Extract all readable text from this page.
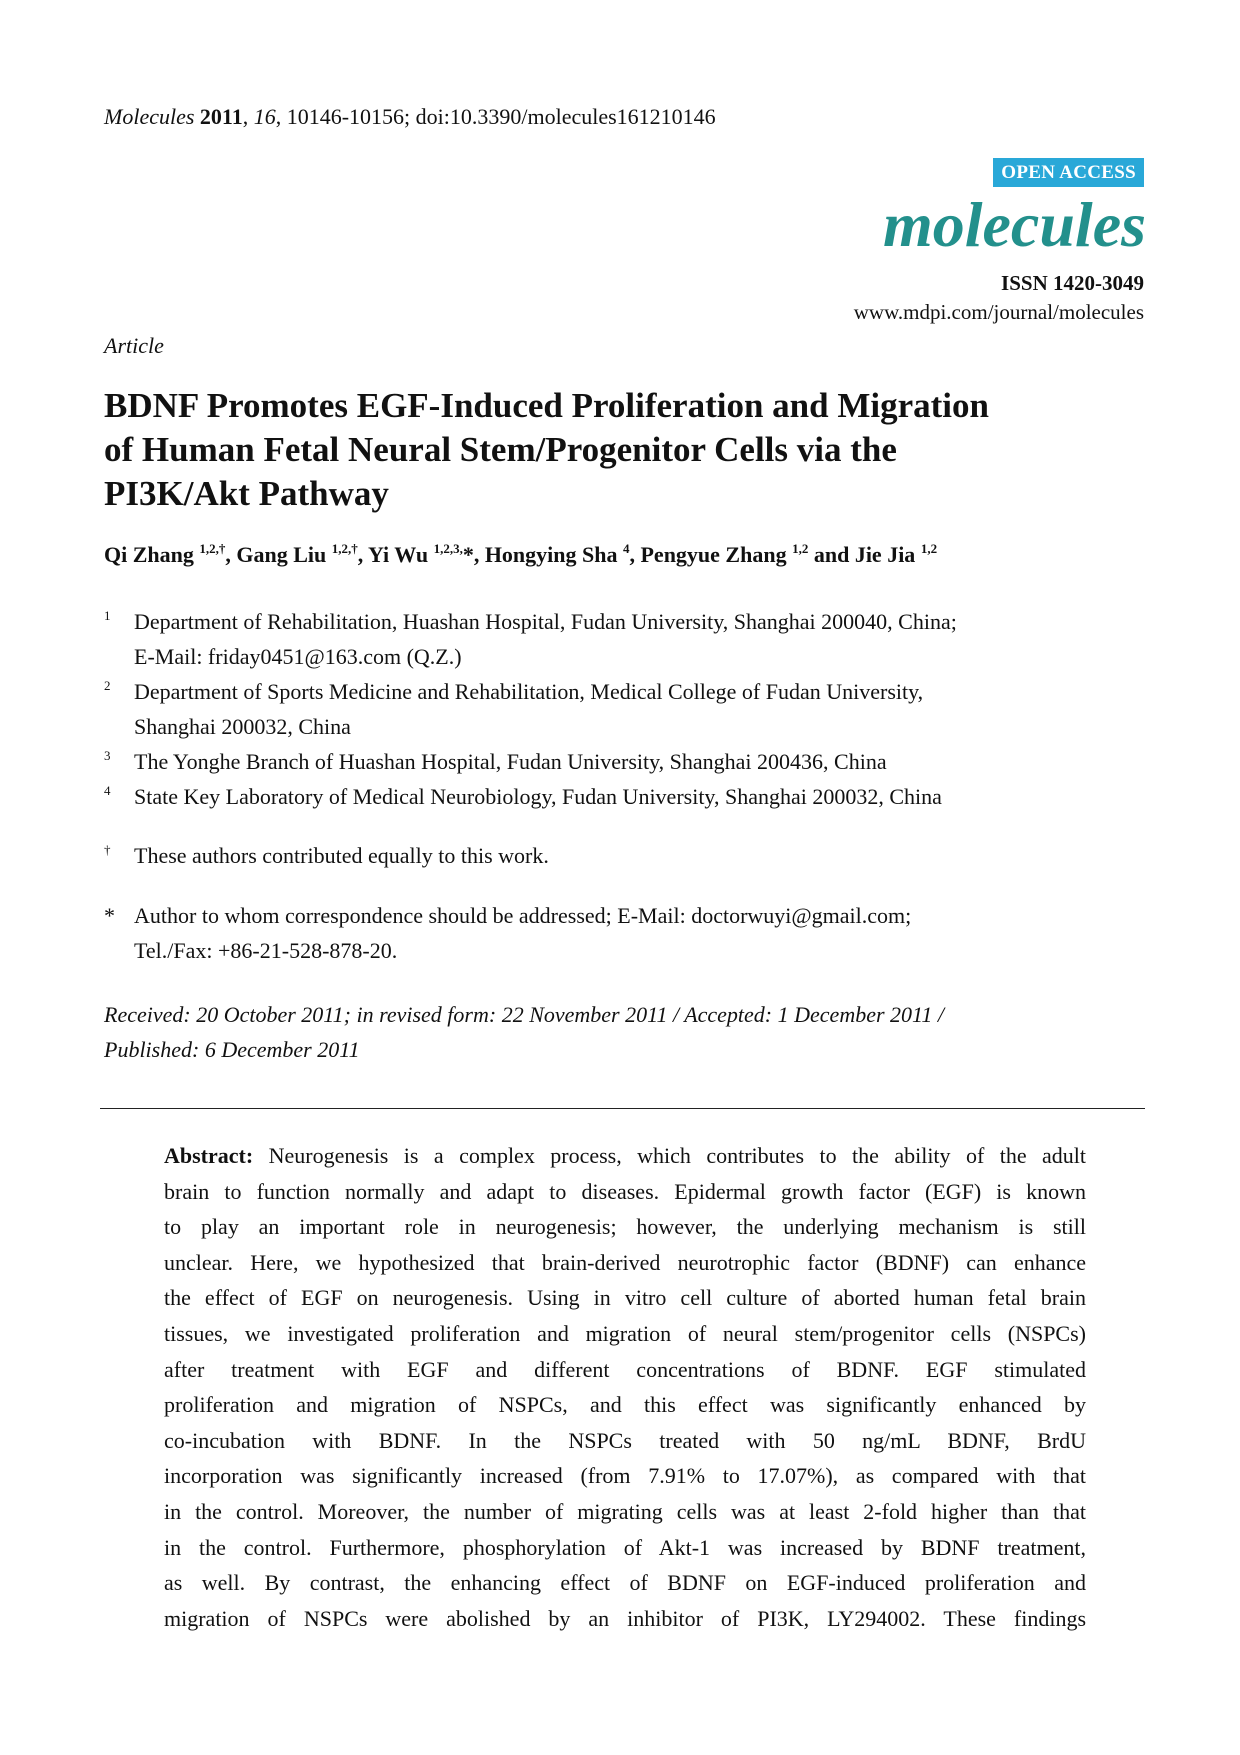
Molecules 2011, 16, 10146-10156; doi:10.3390/molecules161210146
OPEN ACCESS
molecules
ISSN 1420-3049
www.mdpi.com/journal/molecules
Article
BDNF Promotes EGF-Induced Proliferation and Migration
of Human Fetal Neural Stem/Progenitor Cells via the
PI3K/Akt Pathway
Qi Zhang $^{1,2,\dagger}$, Gang Liu $^{1,2,\dagger}$, Yi Wu $^{1,2,3,}$*, Hongying Sha $^4$, Pengyue Zhang $^{1,2}$ and Jie Jia $^{1,2}$
1 Department of Rehabilitation, Huashan Hospital, Fudan University, Shanghai 200040, China;
E-Mail: friday0451@163.com (Q.Z.)
2 Department of Sports Medicine and Rehabilitation, Medical College of Fudan University,
Shanghai 200032, China
3 The Yonghe Branch of Huashan Hospital, Fudan University, Shanghai 200436, China
4 State Key Laboratory of Medical Neurobiology, Fudan University, Shanghai 200032, China
† These authors contributed equally to this work.
* Author to whom correspondence should be addressed; E-Mail: doctorwuyi@gmail.com;
Tel./Fax: +86-21-528-878-20.
Received: 20 October 2011; in revised form: 22 November 2011 / Accepted: 1 December 2011 /
Published: 6 December 2011
Abstract: Neurogenesis is a complex process, which contributes to the ability of the adult
brain to function normally and adapt to diseases. Epidermal growth factor (EGF) is known
to play an important role in neurogenesis; however, the underlying mechanism is still
unclear. Here, we hypothesized that brain-derived neurotrophic factor (BDNF) can enhance
the effect of EGF on neurogenesis. Using in vitro cell culture of aborted human fetal brain
tissues, we investigated proliferation and migration of neural stem/progenitor cells (NSPCs)
after treatment with EGF and different concentrations of BDNF. EGF stimulated
proliferation and migration of NSPCs, and this effect was significantly enhanced by
co-incubation with BDNF. In the NSPCs treated with 50 ng/mL BDNF, BrdU
incorporation was significantly increased (from 7.91% to 17.07%), as compared with that
in the control. Moreover, the number of migrating cells was at least 2-fold higher than that
in the control. Furthermore, phosphorylation of Akt-1 was increased by BDNF treatment,
as well. By contrast, the enhancing effect of BDNF on EGF-induced proliferation and
migration of NSPCs were abolished by an inhibitor of PI3K, LY294002. These findings
